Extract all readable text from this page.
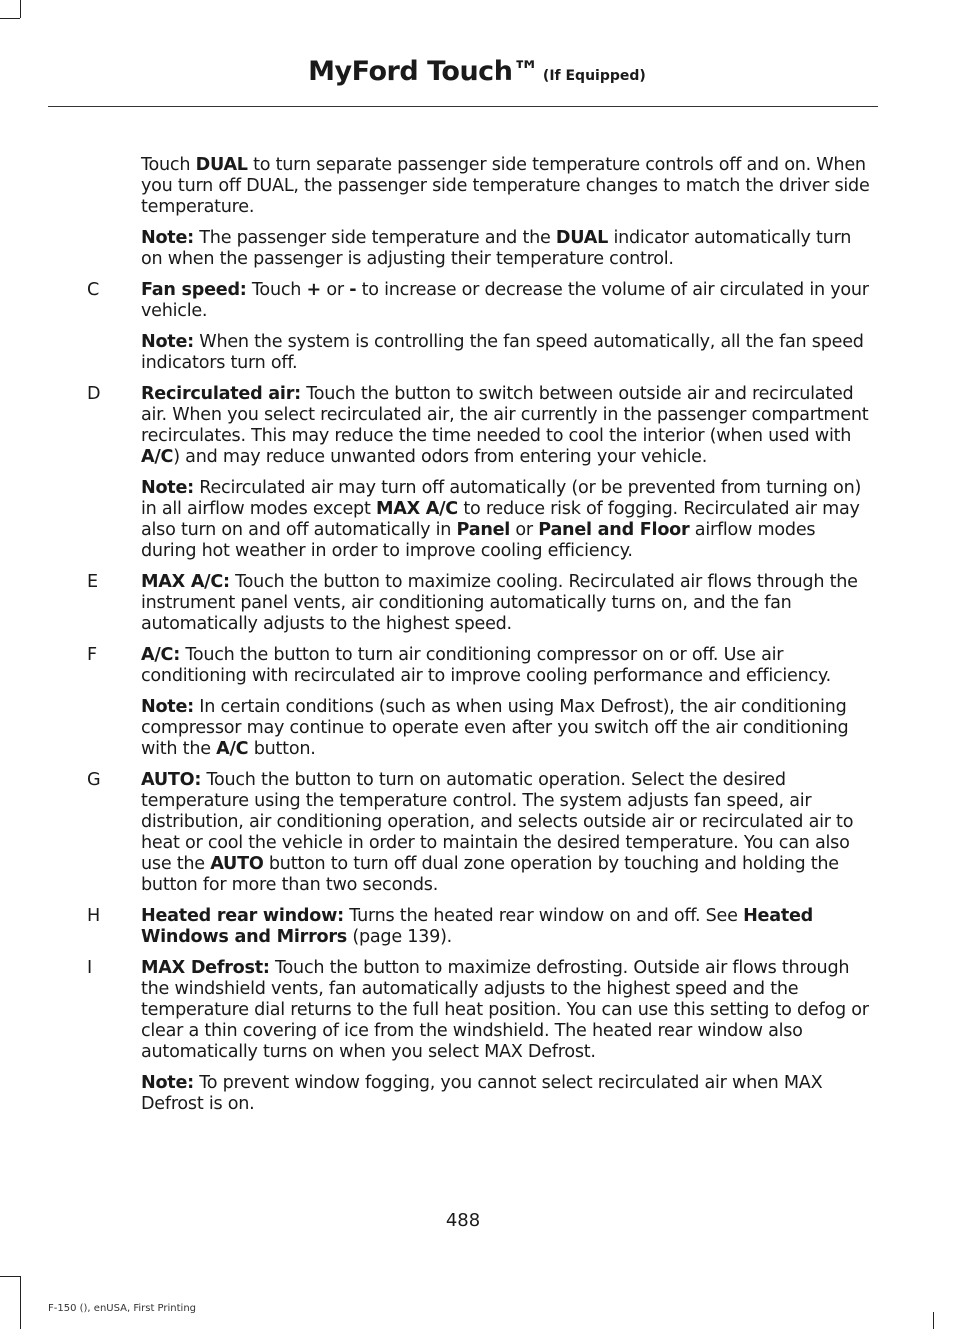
MyFord Touch™ (If Equipped)
Touch DUAL to turn separate passenger side temperature controls off and on. When you turn off DUAL, the passenger side temperature changes to match the driver side temperature.
Note: The passenger side temperature and the DUAL indicator automatically turn on when the passenger is adjusting their temperature control.
C Fan speed: Touch + or - to increase or decrease the volume of air circulated in your vehicle.
Note: When the system is controlling the fan speed automatically, all the fan speed indicators turn off.
D Recirculated air: Touch the button to switch between outside air and recirculated air. When you select recirculated air, the air currently in the passenger compartment recirculates. This may reduce the time needed to cool the interior (when used with A/C) and may reduce unwanted odors from entering your vehicle.
Note: Recirculated air may turn off automatically (or be prevented from turning on) in all airflow modes except MAX A/C to reduce risk of fogging. Recirculated air may also turn on and off automatically in Panel or Panel and Floor airflow modes during hot weather in order to improve cooling efficiency.
E MAX A/C: Touch the button to maximize cooling. Recirculated air flows through the instrument panel vents, air conditioning automatically turns on, and the fan automatically adjusts to the highest speed.
F	A/C: Touch the button to turn air conditioning compressor on or off. Use air conditioning with recirculated air to improve cooling performance and efficiency.
Note: In certain conditions (such as when using Max Defrost), the air conditioning compressor may continue to operate even after you switch off the air conditioning with the A/C button.
G AUTO: Touch the button to turn on automatic operation. Select the desired temperature using the temperature control. The system adjusts fan speed, air distribution, air conditioning operation, and selects outside air or recirculated air to heat or cool the vehicle in order to maintain the desired temperature. You can also use the AUTO button to turn off dual zone operation by touching and holding the button for more than two seconds.
H Heated rear window: Turns the heated rear window on and off. See Heated Windows and Mirrors (page 139).
I	MAX Defrost: Touch the button to maximize defrosting. Outside air flows through the windshield vents, fan automatically adjusts to the highest speed and the temperature dial returns to the full heat position. You can use this setting to defog or clear a thin covering of ice from the windshield. The heated rear window also automatically turns on when you select MAX Defrost.
Note: To prevent window fogging, you cannot select recirculated air when MAX Defrost is on.
488
F-150 (), enUSA, First Printing
